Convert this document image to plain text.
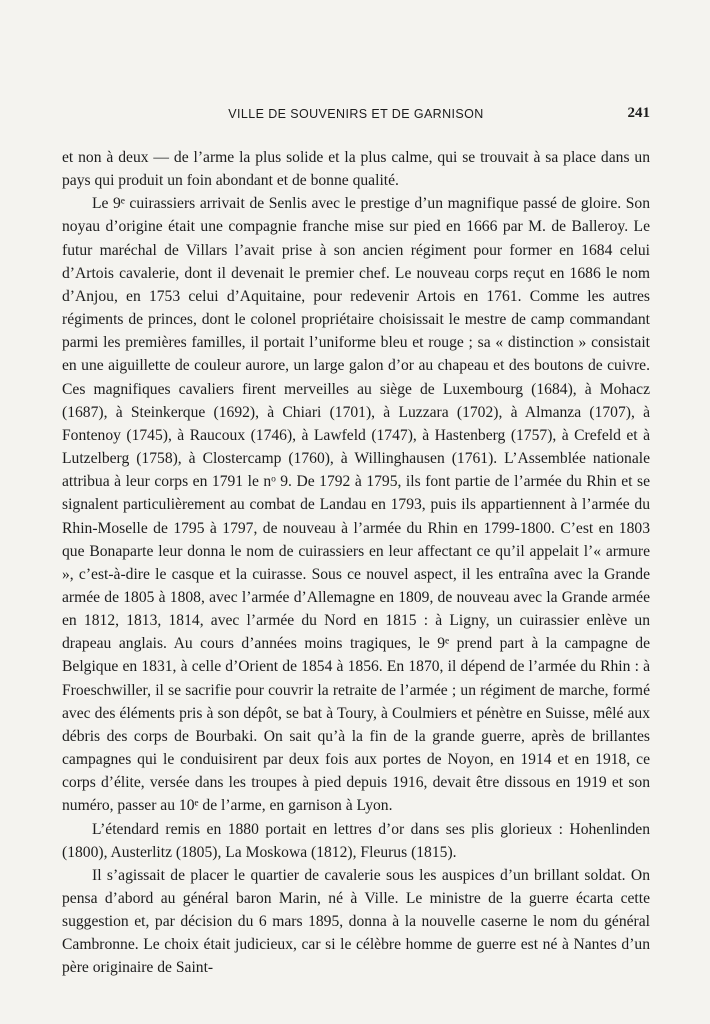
VILLE DE SOUVENIRS ET DE GARNISON	241

et non à deux — de l’arme la plus solide et la plus calme, qui se trouvait à sa place dans un pays qui produit un foin abondant et de bonne qualité.

Le 9ᵉ cuirassiers arrivait de Senlis avec le prestige d’un magnifique passé de gloire. Son noyau d’origine était une compagnie franche mise sur pied en 1666 par M. de Balleroy. Le futur maréchal de Villars l’avait prise à son ancien régiment pour former en 1684 celui d’Artois cavalerie, dont il devenait le premier chef. Le nouveau corps reçut en 1686 le nom d’Anjou, en 1753 celui d’Aquitaine, pour redevenir Artois en 1761. Comme les autres régiments de princes, dont le colonel propriétaire choisissait le mestre de camp commandant parmi les premières familles, il portait l’uniforme bleu et rouge ; sa « distinction » consistait en une aiguillette de couleur aurore, un large galon d’or au chapeau et des boutons de cuivre. Ces magnifiques cavaliers firent merveilles au siège de Luxembourg (1684), à Mohacz (1687), à Steinkerque (1692), à Chiari (1701), à Luzzara (1702), à Almanza (1707), à Fontenoy (1745), à Raucoux (1746), à Lawfeld (1747), à Hastenberg (1757), à Crefeld et à Lutzelberg (1758), à Clostercamp (1760), à Willinghausen (1761). L’Assemblée nationale attribua à leur corps en 1791 le nᵒ 9. De 1792 à 1795, ils font partie de l’armée du Rhin et se signalent particulièrement au combat de Landau en 1793, puis ils appartiennent à l’armée du Rhin-Moselle de 1795 à 1797, de nouveau à l’armée du Rhin en 1799-1800. C’est en 1803 que Bonaparte leur donna le nom de cuirassiers en leur affectant ce qu’il appelait l’« armure », c’est-à-dire le casque et la cuirasse. Sous ce nouvel aspect, il les entraîna avec la Grande armée de 1805 à 1808, avec l’armée d’Allemagne en 1809, de nouveau avec la Grande armée en 1812, 1813, 1814, avec l’armée du Nord en 1815 : à Ligny, un cuirassier enlève un drapeau anglais. Au cours d’années moins tragiques, le 9ᵉ prend part à la campagne de Belgique en 1831, à celle d’Orient de 1854 à 1856. En 1870, il dépend de l’armée du Rhin : à Froeschwiller, il se sacrifie pour couvrir la retraite de l’armée ; un régiment de marche, formé avec des éléments pris à son dépôt, se bat à Toury, à Coulmiers et pénètre en Suisse, mêlé aux débris des corps de Bourbaki. On sait qu’à la fin de la grande guerre, après de brillantes campagnes qui le conduisirent par deux fois aux portes de Noyon, en 1914 et en 1918, ce corps d’élite, versée dans les troupes à pied depuis 1916, devait être dissous en 1919 et son numéro, passer au 10ᵉ de l’arme, en garnison à Lyon.

L’étendard remis en 1880 portait en lettres d’or dans ses plis glorieux : Hohenlinden (1800), Austerlitz (1805), La Moskowa (1812), Fleurus (1815).

Il s’agissait de placer le quartier de cavalerie sous les auspices d’un brillant soldat. On pensa d’abord au général baron Marin, né à Ville. Le ministre de la guerre écarta cette suggestion et, par décision du 6 mars 1895, donna à la nouvelle caserne le nom du général Cambronne. Le choix était judicieux, car si le célèbre homme de guerre est né à Nantes d’un père originaire de Saint-
